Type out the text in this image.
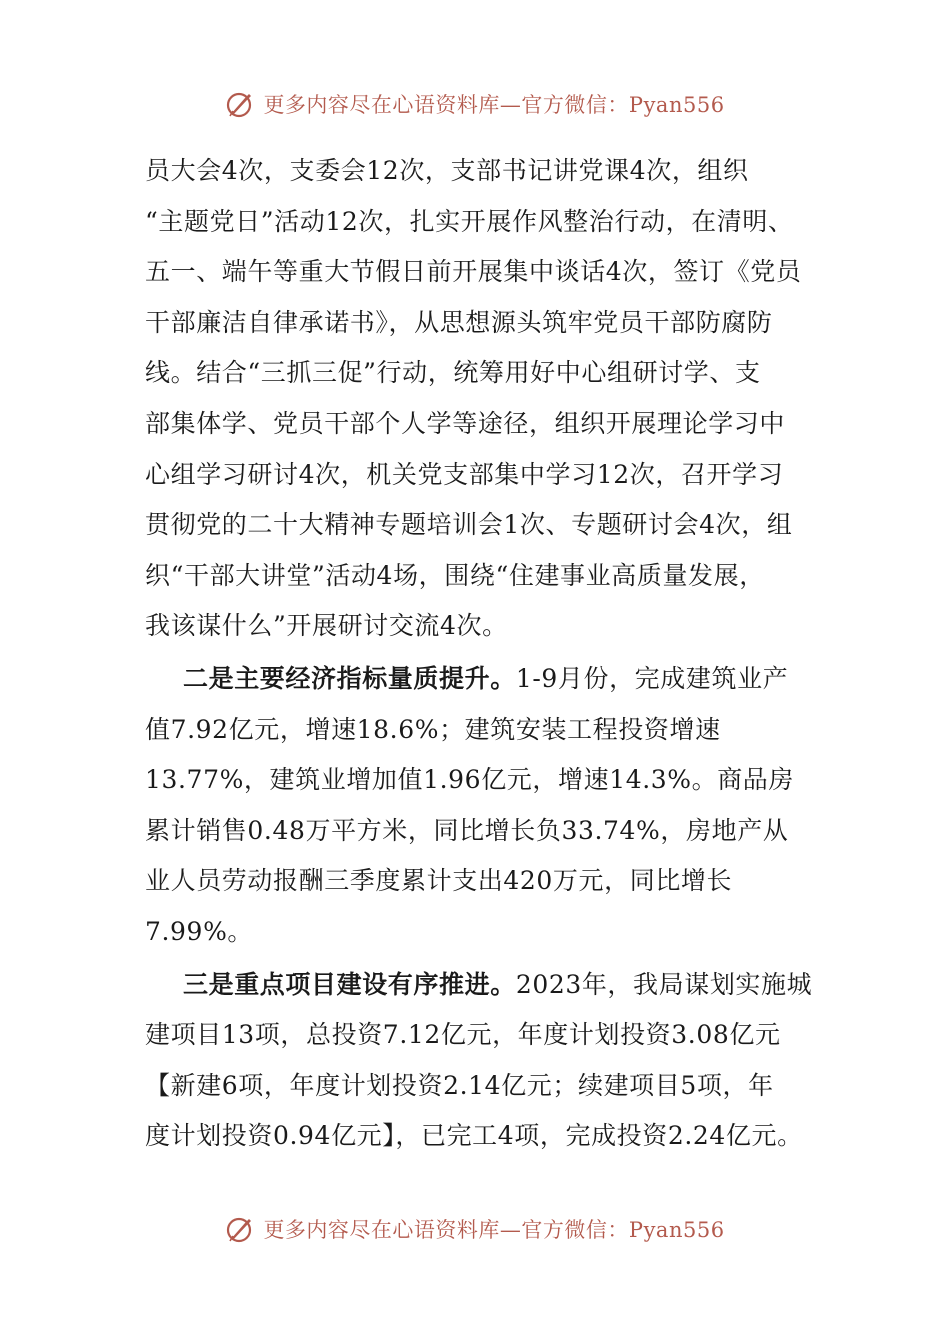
更多内容尽在心语资料库—官方微信：Pyan556
员大会4次，支委会12次，支部书记讲党课4次，组织
“主题党日”活动12次，扎实开展作风整治行动，在清明、
五一、端午等重大节假日前开展集中谈话4次，签订《党员
干部廉洁自律承诺书》，从思想源头筑牢党员干部防腐防
线。结合“三抓三促”行动，统筹用好中心组研讨学、支
部集体学、党员干部个人学等途径，组织开展理论学习中
心组学习研讨4次，机关党支部集中学习12次，召开学习
贯彻党的二十大精神专题培训会1次、专题研讨会4次，组
织“干部大讲堂”活动4场，围绕“住建事业高质量发展，
我该谋什么”开展研讨交流4次。
二是主要经济指标量质提升。1-9月份，完成建筑业产
值7.92亿元，增速18.6%；建筑安装工程投资增速
13.77%，建筑业增加值1.96亿元，增速14.3%。商品房
累计销售0.48万平方米，同比增长负33.74%，房地产从
业人员劳动报酬三季度累计支出420万元，同比增长
7.99%。
三是重点项目建设有序推进。2023年，我局谋划实施城
建项目13项，总投资7.12亿元，年度计划投资3.08亿元
【新建6项，年度计划投资2.14亿元；续建项目5项，年
度计划投资0.94亿元】，已完工4项，完成投资2.24亿元。
更多内容尽在心语资料库—官方微信：Pyan556
